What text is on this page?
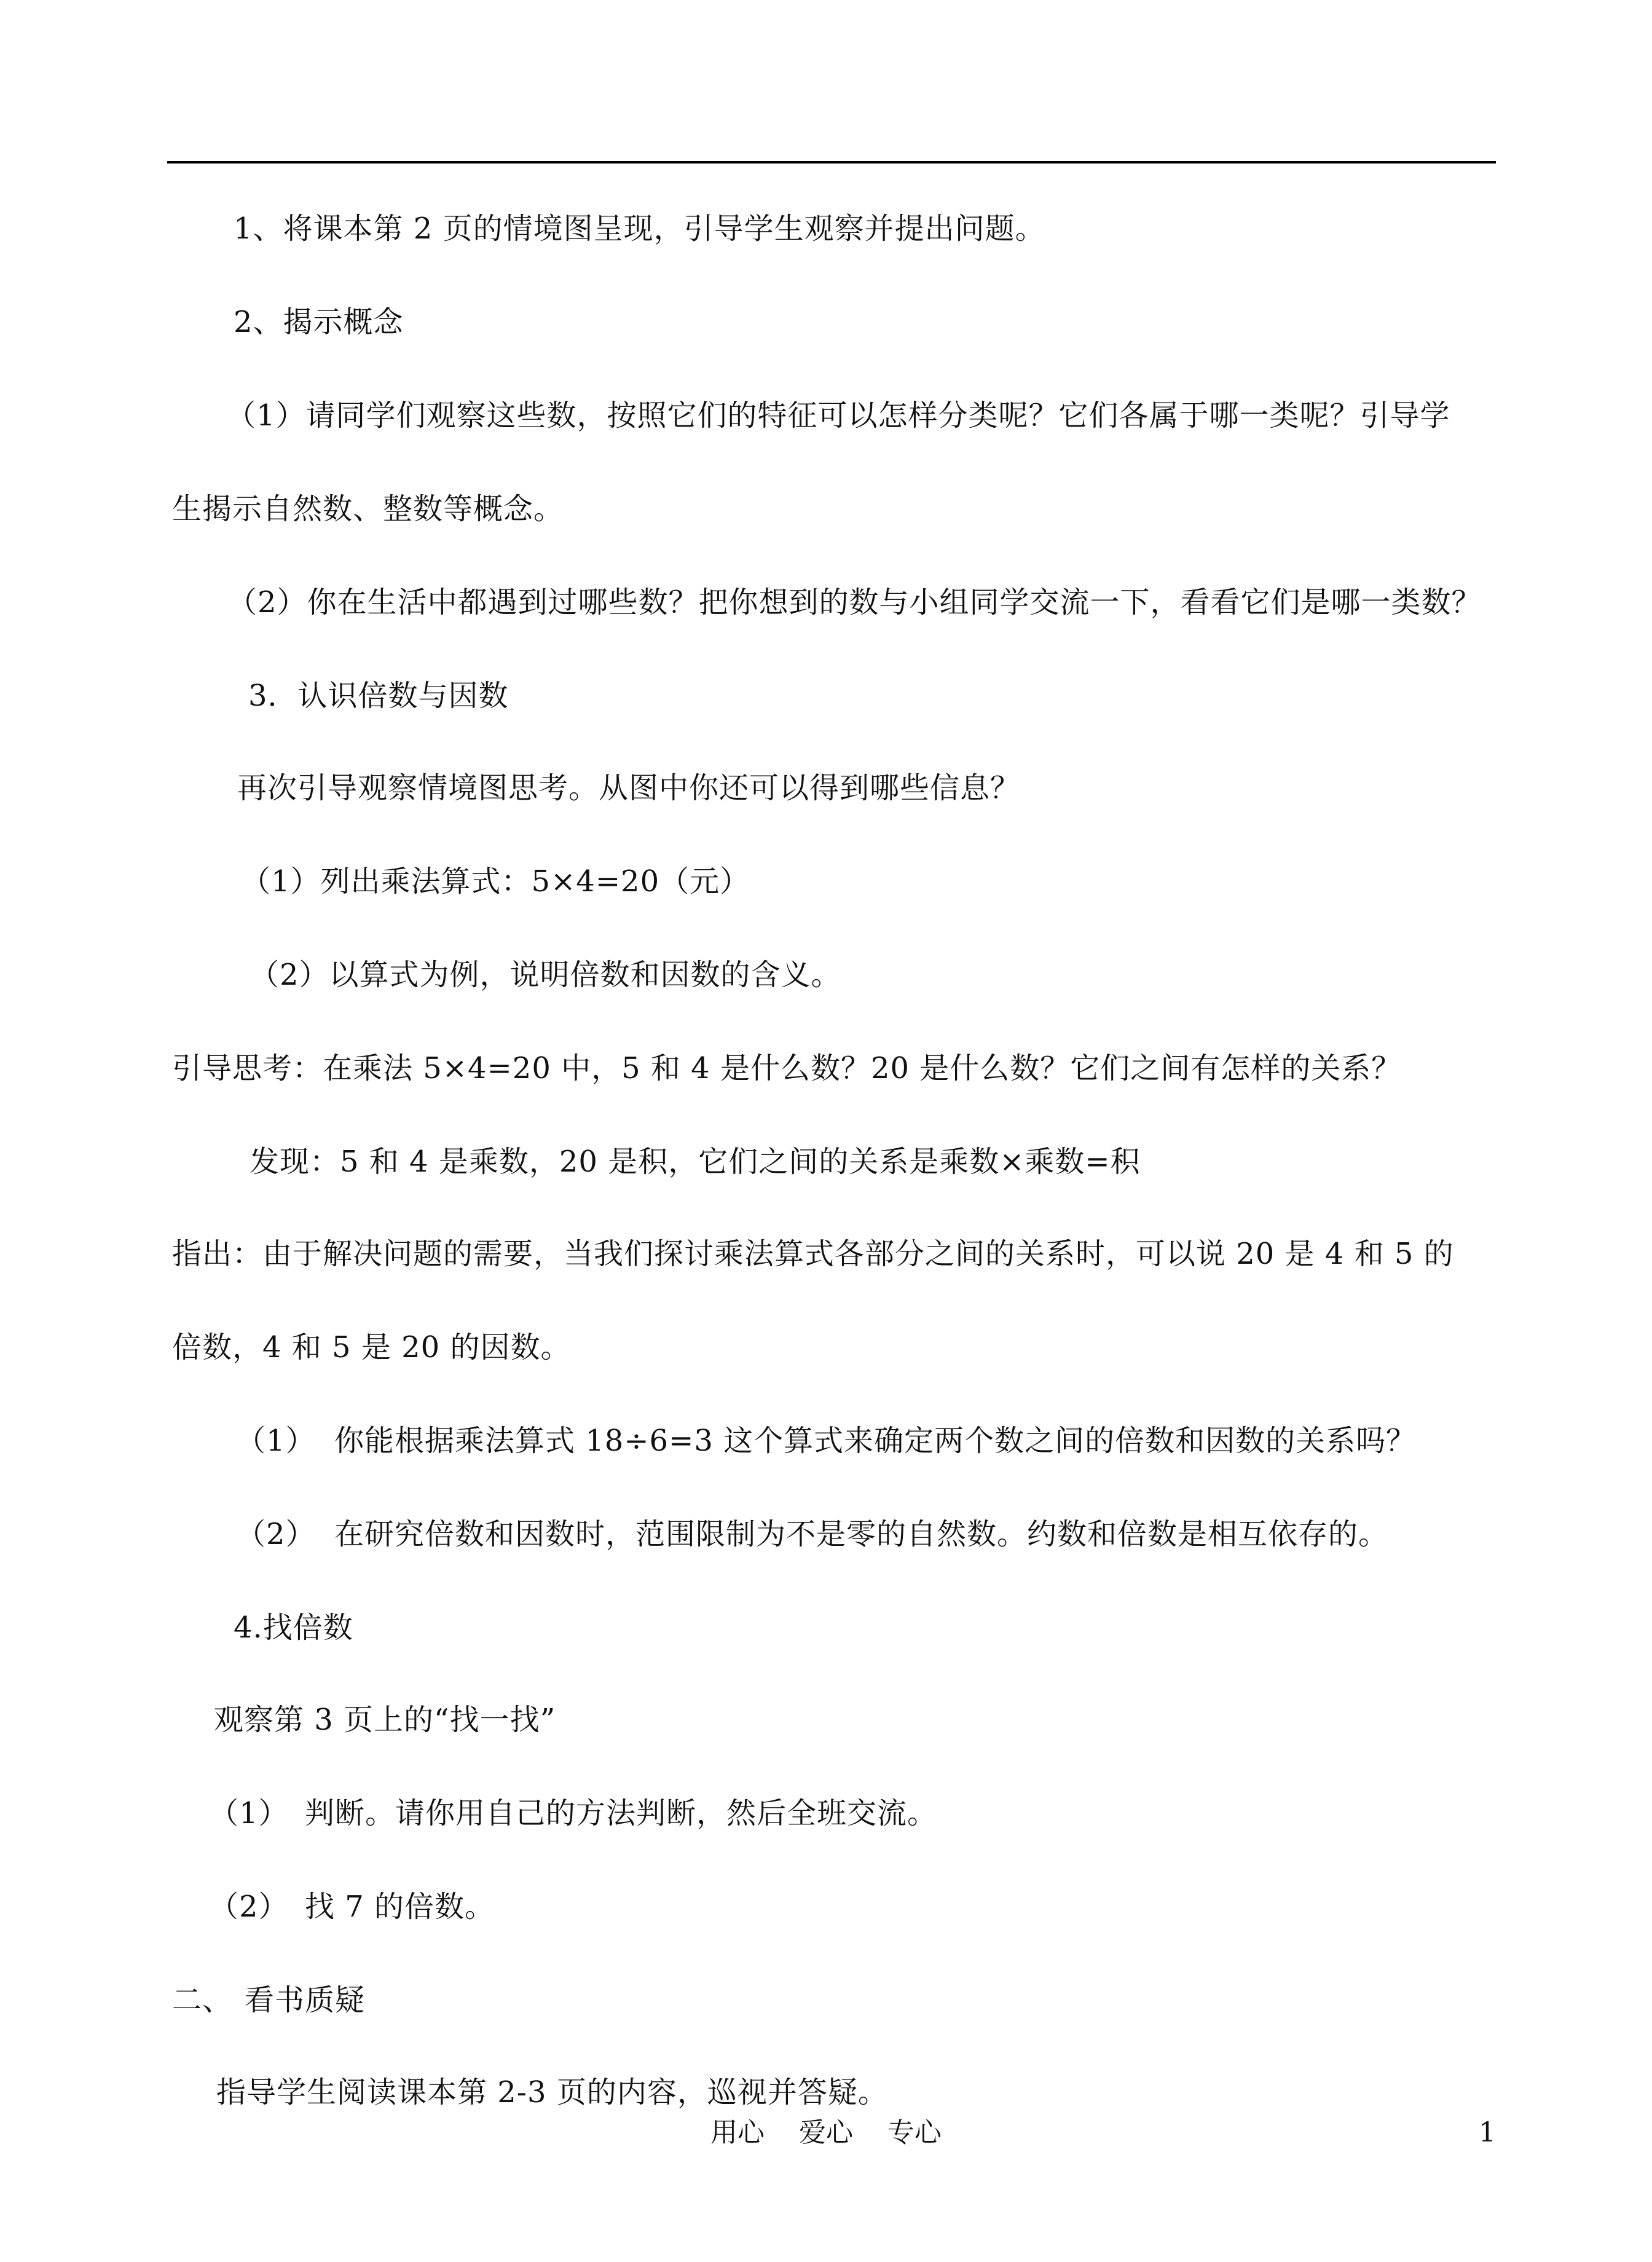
1、将课本第 2 页的情境图呈现，引导学生观察并提出问题。
2、揭示概念
（1）请同学们观察这些数，按照它们的特征可以怎样分类呢？它们各属于哪一类呢？引导学
生揭示自然数、整数等概念。
（2）你在生活中都遇到过哪些数？把你想到的数与小组同学交流一下，看看它们是哪一类数？
3．认识倍数与因数
再次引导观察情境图思考。从图中你还可以得到哪些信息？
（1）列出乘法算式：5×4=20（元）
（2）以算式为例，说明倍数和因数的含义。
引导思考：在乘法 5×4=20 中，5 和 4 是什么数？20 是什么数？它们之间有怎样的关系？
发现：5 和 4 是乘数，20 是积，它们之间的关系是乘数×乘数=积
指出：由于解决问题的需要，当我们探讨乘法算式各部分之间的关系时，可以说 20 是 4 和 5 的
倍数，4 和 5 是 20 的因数。
（1） 你能根据乘法算式 18÷6=3 这个算式来确定两个数之间的倍数和因数的关系吗？
（2） 在研究倍数和因数时，范围限制为不是零的自然数。约数和倍数是相互依存的。
4.找倍数
观察第 3 页上的“找一找”
（1） 判断。请你用自己的方法判断，然后全班交流。
（2） 找 7 的倍数。
二、 看书质疑
指导学生阅读课本第 2-3 页的内容，巡视并答疑。
用心    爱心    专心	1
